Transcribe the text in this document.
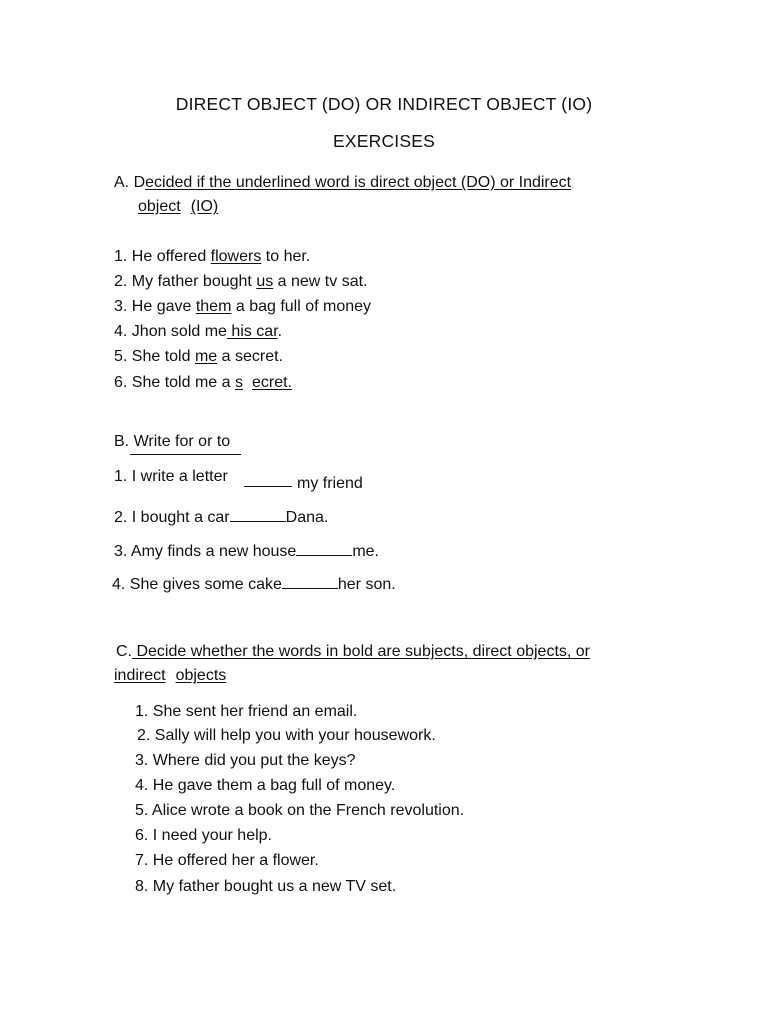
DIRECT OBJECT (DO) OR INDIRECT OBJECT (IO)
EXERCISES
A. Decided if the underlined word is direct object (DO) or Indirect
object (IO)
1. He offered flowers to her.
2. My father bought us a new tv sat.
3. He gave them a bag full of money
4. Jhon sold me his car.
5. She told me a secret.
6. She told me a s ecret.
B. Write for or to
1. I write a letter	my friend
2. I bought a car	Dana.
3. Amy finds a new house	me.
4. She gives some cake	her son.
C. Decide whether the words in bold are subjects, direct objects, or
indirect objects
1. She sent her friend an email.
2. Sally will help you with your housework.
3. Where did you put the keys?
4. He gave them a bag full of money.
5. Alice wrote a book on the French revolution.
6. I need your help.
7. He offered her a flower.
8. My father bought us a new TV set.
